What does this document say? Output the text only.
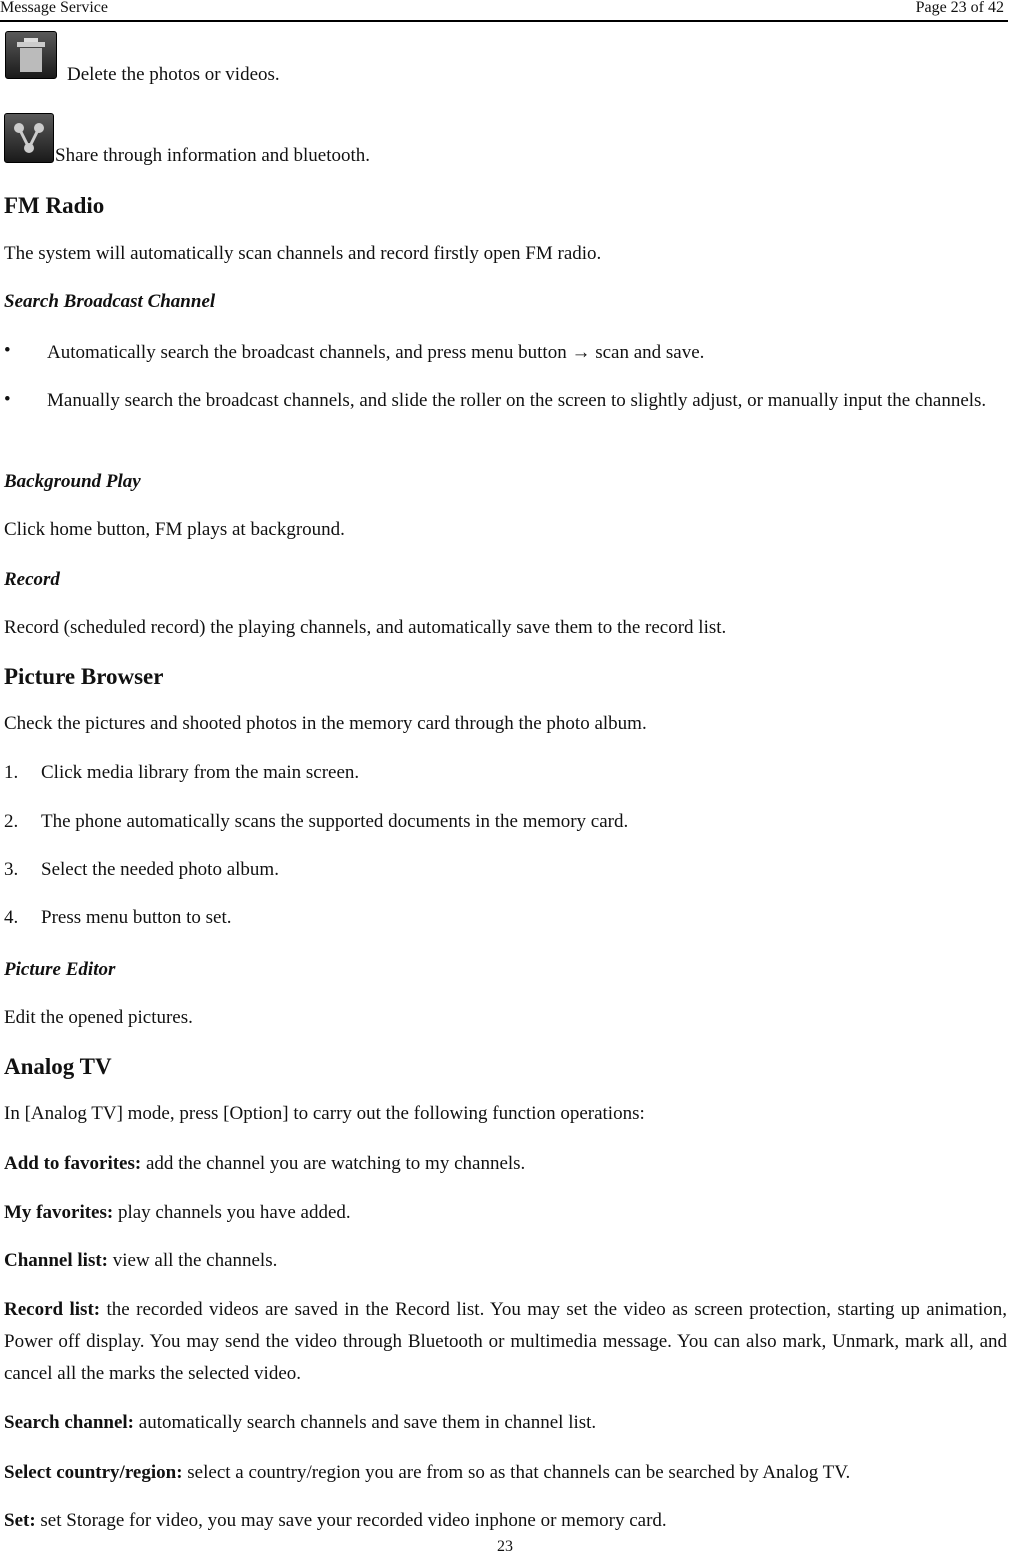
Message Service	Page 23 of 42
Delete the photos or videos.
Share through information and bluetooth.
FM Radio
The system will automatically scan channels and record firstly open FM radio.
Search Broadcast Channel
• Automatically search the broadcast channels, and press menu button → scan and save.
• Manually search the broadcast channels, and slide the roller on the screen to slightly adjust, or manually input the channels.
Background Play
Click home button, FM plays at background.
Record
Record (scheduled record) the playing channels, and automatically save them to the record list.
Picture Browser
Check the pictures and shooted photos in the memory card through the photo album.
1. Click media library from the main screen.
2. The phone automatically scans the supported documents in the memory card.
3. Select the needed photo album.
4. Press menu button to set.
Picture Editor
Edit the opened pictures.
Analog TV
In [Analog TV] mode, press [Option] to carry out the following function operations:
Add to favorites: add the channel you are watching to my channels.
My favorites: play channels you have added.
Channel list: view all the channels.
Record list: the recorded videos are saved in the Record list. You may set the video as screen protection, starting up animation, Power off display. You may send the video through Bluetooth or multimedia message. You can also mark, Unmark, mark all, and cancel all the marks the selected video.
Search channel: automatically search channels and save them in channel list.
Select country/region: select a country/region you are from so as that channels can be searched by Analog TV.
Set: set Storage for video, you may save your recorded video inphone or memory card.
23
